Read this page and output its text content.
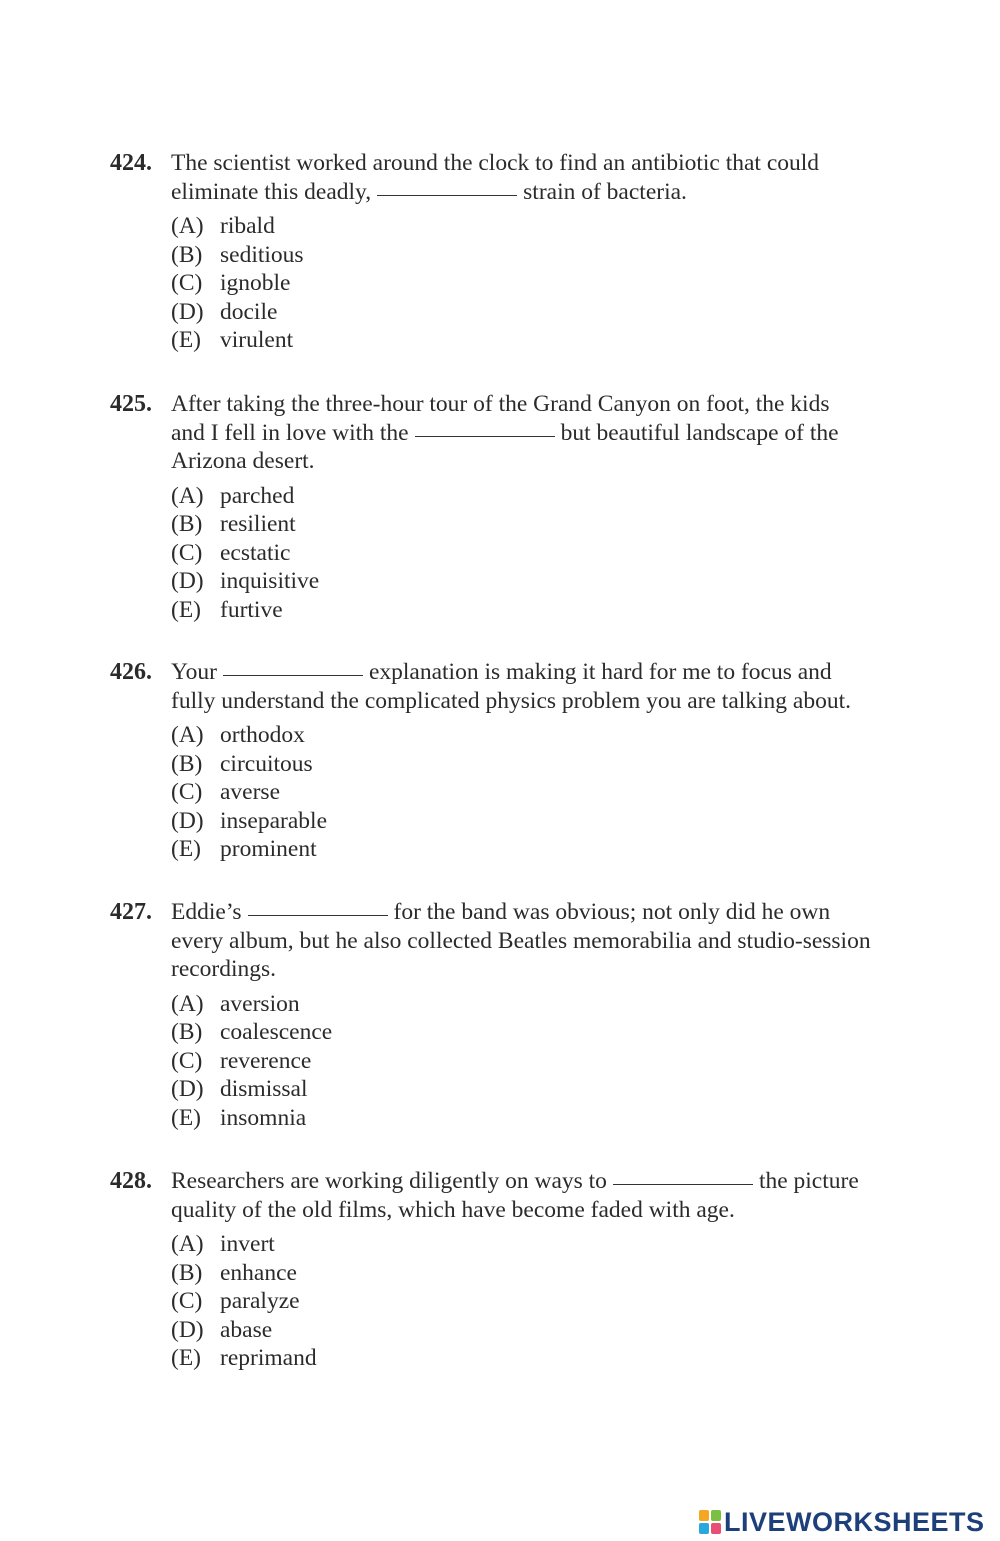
424. The scientist worked around the clock to find an antibiotic that could
eliminate this deadly,	strain of bacteria.
(A) ribald
(B) seditious
(C) ignoble
(D) docile
(E) virulent
425. After taking the three-hour tour of the Grand Canyon on foot, the kids
and I fell in love with the	but beautiful landscape of the
Arizona desert.
(A) parched
(B) resilient
(C) ecstatic
(D) inquisitive
(E) furtive
426. Your	explanation is making it hard for me to focus and
fully understand the complicated physics problem you are talking about.
(A) orthodox
(B) circuitous
(C) averse
(D) inseparable
(E) prominent
427. Eddie’s	for the band was obvious; not only did he own
every album, but he also collected Beatles memorabilia and studio-session
recordings.
(A) aversion
(B) coalescence
(C) reverence
(D) dismissal
(E) insomnia
428. Researchers are working diligently on ways to	the picture
quality of the old films, which have become faded with age.
(A) invert
(B) enhance
(C) paralyze
(D) abase
(E) reprimand
LIVEWORKSHEETS
